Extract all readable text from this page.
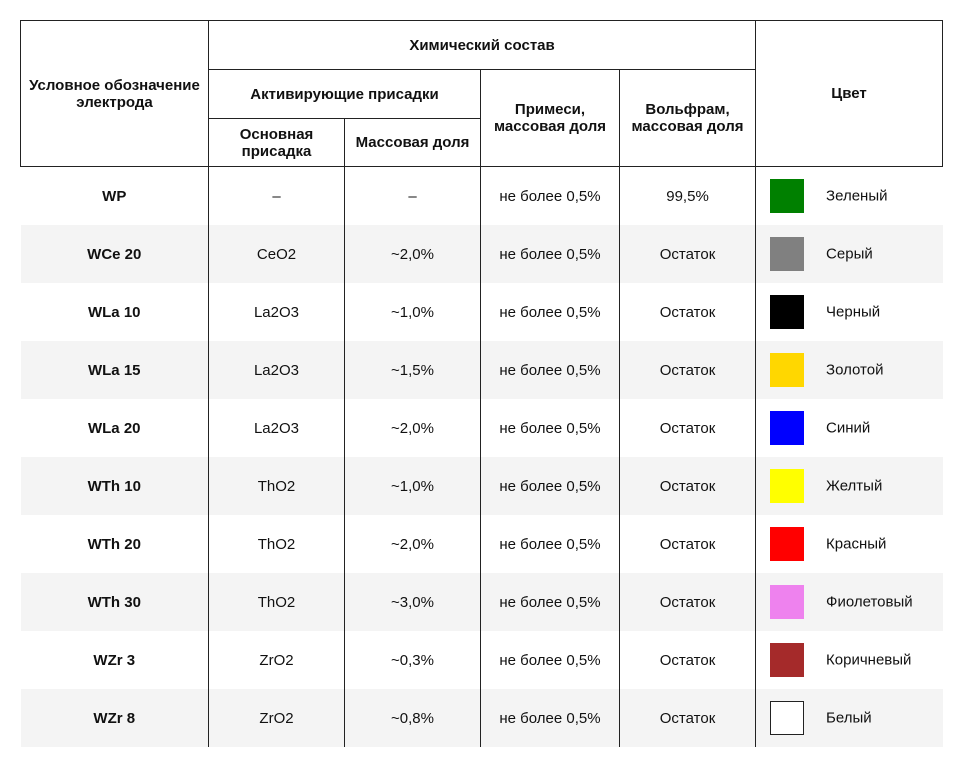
Условное обозначение электрода	Химический состав				Цвет
	Активирующие присадки		Примеси, массовая доля	Вольфрам, массовая доля	
	Основная присадка	Массовая доля			
WP	–	–	не более 0,5%	99,5%	Зеленый
WCe 20	CeO2	~2,0%	не более 0,5%	Остаток	Серый
WLa 10	La2O3	~1,0%	не более 0,5%	Остаток	Черный
WLa 15	La2O3	~1,5%	не более 0,5%	Остаток	Золотой
WLa 20	La2O3	~2,0%	не более 0,5%	Остаток	Синий
WTh 10	ThO2	~1,0%	не более 0,5%	Остаток	Желтый
WTh 20	ThO2	~2,0%	не более 0,5%	Остаток	Красный
WTh 30	ThO2	~3,0%	не более 0,5%	Остаток	Фиолетовый
WZr 3	ZrO2	~0,3%	не более 0,5%	Остаток	Коричневый
WZr 8	ZrO2	~0,8%	не более 0,5%	Остаток	Белый
